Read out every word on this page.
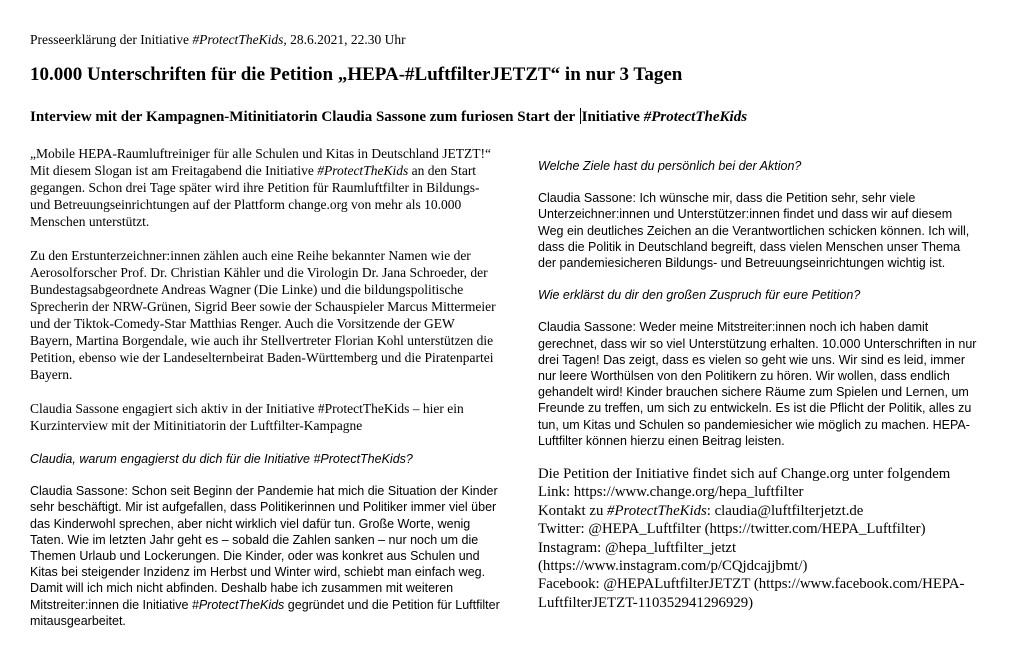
Presseerklärung der Initiative #ProtectTheKids, 28.6.2021, 22.30 Uhr
10.000 Unterschriften für die Petition „HEPA-#LuftfilterJETZT“ in nur 3 Tagen
Interview mit der Kampagnen-Mitinitiatorin Claudia Sassone zum furiosen Start der Initiative #ProtectTheKids

„Mobile HEPA-Raumluftreiniger für alle Schulen und Kitas in Deutschland JETZT!“ Mit diesem Slogan ist am Freitagabend die Initiative #ProtectTheKids an den Start gegangen. Schon drei Tage später wird ihre Petition für Raumluftfilter in Bildungs- und Betreuungseinrichtungen auf der Plattform change.org von mehr als 10.000 Menschen unterstützt.

Zu den Erstunterzeichner:innen zählen auch eine Reihe bekannter Namen wie der Aerosolforscher Prof. Dr. Christian Kähler und die Virologin Dr. Jana Schroeder, der Bundestagsabgeordnete Andreas Wagner (Die Linke) und die bildungspolitische Sprecherin der NRW-Grünen, Sigrid Beer sowie der Schauspieler Marcus Mittermeier und der Tiktok-Comedy-Star Matthias Renger. Auch die Vorsitzende der GEW Bayern, Martina Borgendale, wie auch ihr Stellvertreter Florian Kohl unterstützen die Petition, ebenso wie der Landeselternbeirat Baden-Württemberg und die Piratenpartei Bayern.

Claudia Sassone engagiert sich aktiv in der Initiative #ProtectTheKids – hier ein Kurzinterview mit der Mitinitiatorin der Luftfilter-Kampagne

Claudia, warum engagierst du dich für die Initiative #ProtectTheKids?

Claudia Sassone: Schon seit Beginn der Pandemie hat mich die Situation der Kinder sehr beschäftigt. Mir ist aufgefallen, dass Politikerinnen und Politiker immer viel über das Kinderwohl sprechen, aber nicht wirklich viel dafür tun. Große Worte, wenig Taten. Wie im letzten Jahr geht es – sobald die Zahlen sanken – nur noch um die Themen Urlaub und Lockerungen. Die Kinder, oder was konkret aus Schulen und Kitas bei steigender Inzidenz im Herbst und Winter wird, schiebt man einfach weg. Damit will ich mich nicht abfinden. Deshalb habe ich zusammen mit weiteren Mitstreiter:innen die Initiative #ProtectTheKids gegründet und die Petition für Luftfilter mitausgearbeitet.

Welche Ziele hast du persönlich bei der Aktion?

Claudia Sassone: Ich wünsche mir, dass die Petition sehr, sehr viele Unterzeichner:innen und Unterstützer:innen findet und dass wir auf diesem Weg ein deutliches Zeichen an die Verantwortlichen schicken können. Ich will, dass die Politik in Deutschland begreift, dass vielen Menschen unser Thema der pandemiesicheren Bildungs- und Betreuungseinrichtungen wichtig ist.

Wie erklärst du dir den großen Zuspruch für eure Petition?

Claudia Sassone: Weder meine Mitstreiter:innen noch ich haben damit gerechnet, dass wir so viel Unterstützung erhalten. 10.000 Unterschriften in nur drei Tagen! Das zeigt, dass es vielen so geht wie uns. Wir sind es leid, immer nur leere Worthülsen von den Politikern zu hören. Wir wollen, dass endlich gehandelt wird! Kinder brauchen sichere Räume zum Spielen und Lernen, um Freunde zu treffen, um sich zu entwickeln. Es ist die Pflicht der Politik, alles zu tun, um Kitas und Schulen so pandemiesicher wie möglich zu machen. HEPA-Luftfilter können hierzu einen Beitrag leisten.

Die Petition der Initiative findet sich auf Change.org unter folgendem Link: https://www.change.org/hepa_luftfilter

Kontakt zu #ProtectTheKids: claudia@luftfilterjetzt.de

Twitter: @HEPA_Luftfilter (https://twitter.com/HEPA_Luftfilter)

Instagram: @hepa_luftfilter_jetzt (https://www.instagram.com/p/CQjdcajjbmt/)

Facebook: @HEPALuftfilterJETZT (https://www.facebook.com/HEPA-LuftfilterJETZT-110352941296929)
